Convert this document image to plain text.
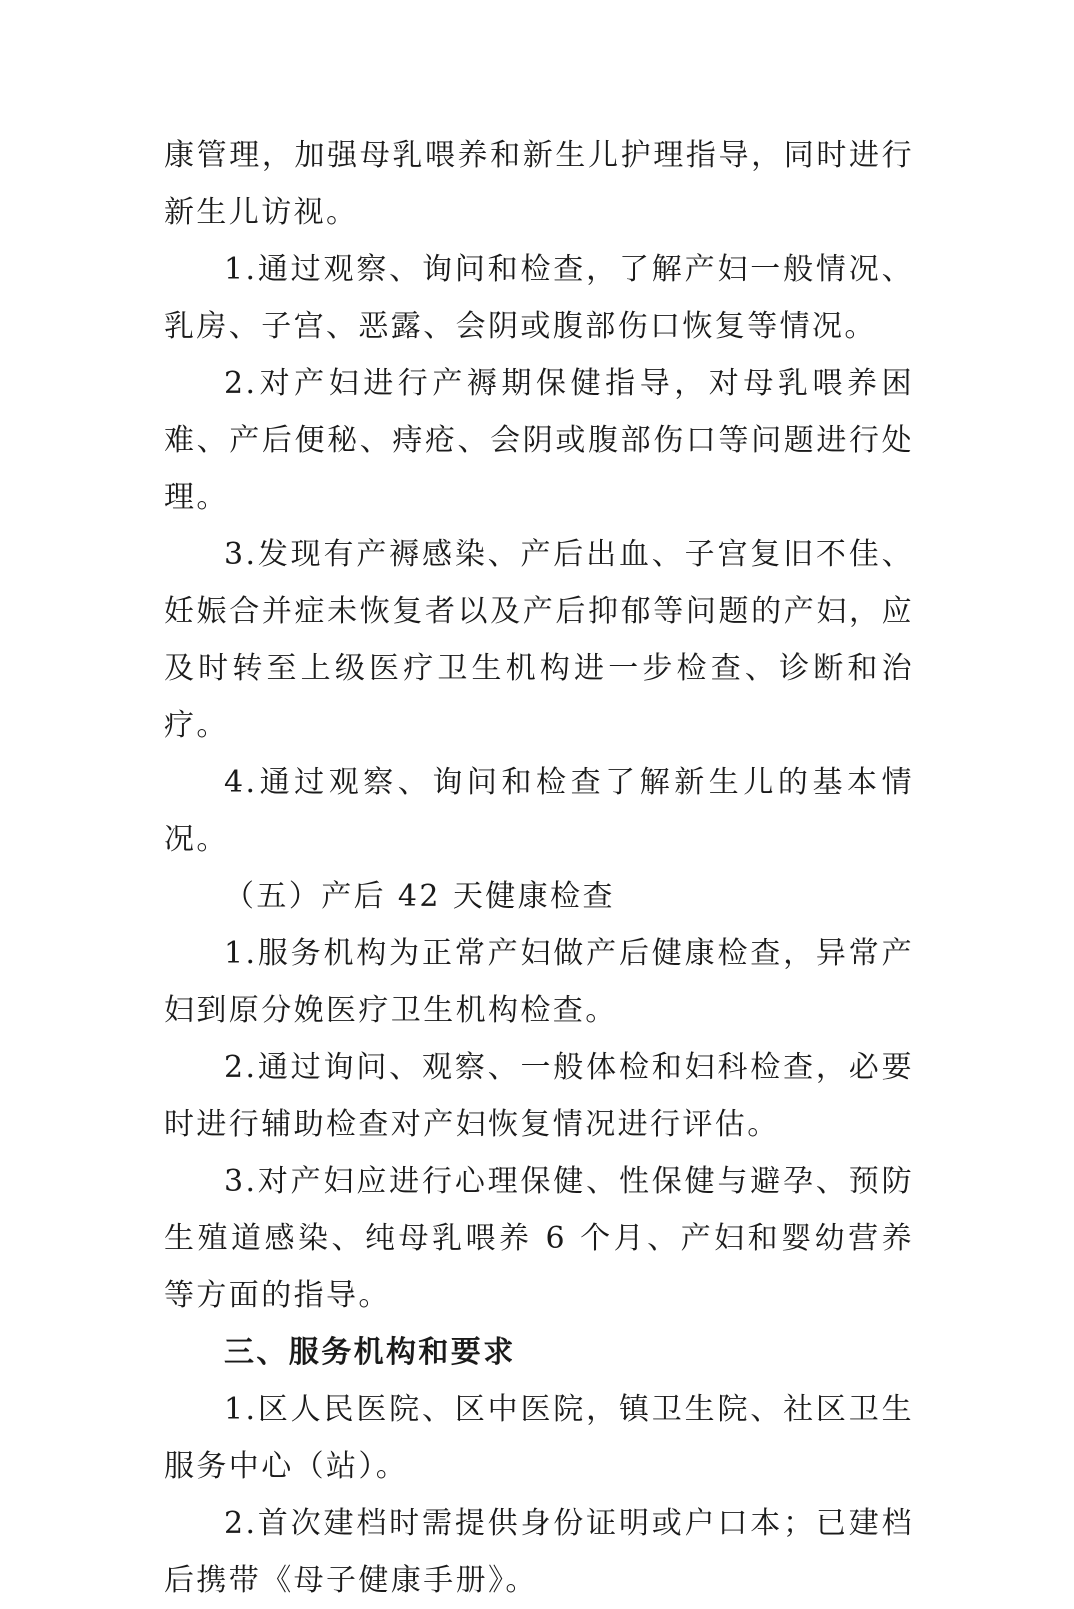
康管理，加强母乳喂养和新生儿护理指导，同时进行新生儿访视。

1.通过观察、询问和检查，了解产妇一般情况、乳房、子宫、恶露、会阴或腹部伤口恢复等情况。

2.对产妇进行产褥期保健指导，对母乳喂养困难、产后便秘、痔疮、会阴或腹部伤口等问题进行处理。

3.发现有产褥感染、产后出血、子宫复旧不佳、妊娠合并症未恢复者以及产后抑郁等问题的产妇，应及时转至上级医疗卫生机构进一步检查、诊断和治疗。

4.通过观察、询问和检查了解新生儿的基本情况。

（五）产后 42 天健康检查

1.服务机构为正常产妇做产后健康检查，异常产妇到原分娩医疗卫生机构检查。

2.通过询问、观察、一般体检和妇科检查，必要时进行辅助检查对产妇恢复情况进行评估。

3.对产妇应进行心理保健、性保健与避孕、预防生殖道感染、纯母乳喂养 6 个月、产妇和婴幼营养等方面的指导。

三、服务机构和要求

1.区人民医院、区中医院，镇卫生院、社区卫生服务中心（站）。

2.首次建档时需提供身份证明或户口本；已建档后携带《母子健康手册》。
